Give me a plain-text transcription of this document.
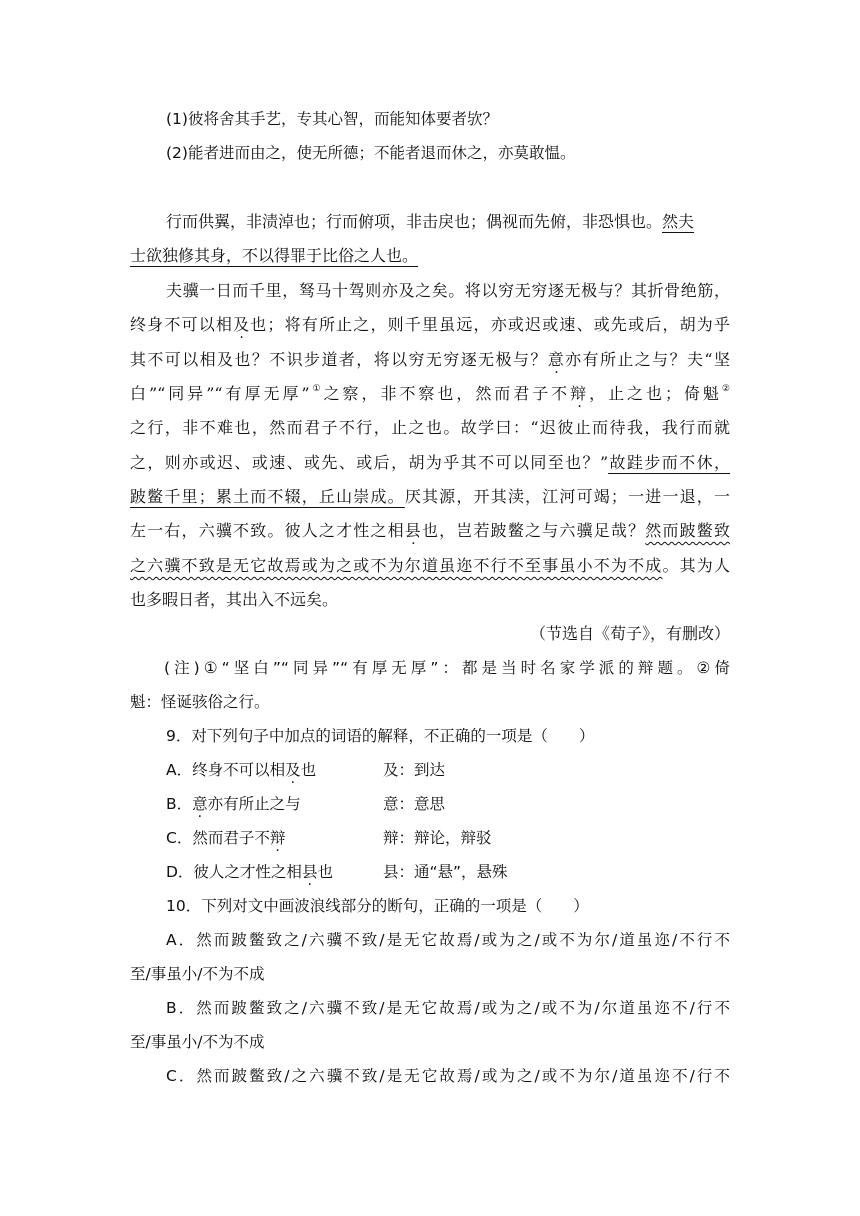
(1)彼将舍其手艺，专其心智，而能知体要者欤？
(2)能者进而由之，使无所德；不能者退而休之，亦莫敢愠。
行而供翼，非渍淖也；行而俯项，非击戾也；偶视而先俯，非恐惧也。然夫
士欲独修其身，不以得罪于比俗之人也。
夫骥一日而千里，驽马十驾则亦及之矣。将以穷无穷逐无极与？其折骨绝筋，
终身不可以相及也；将有所止之，则千里虽远，亦或迟或速、或先或后，胡为乎
其不可以相及也？不识步道者，将以穷无穷逐无极与？意亦有所止之与？夫“坚
白”“同异”“有厚无厚”①之察，非不察也，然而君子不辩，止之也；倚魁②
之行，非不难也，然而君子不行，止之也。故学曰：“迟彼止而待我，我行而就
之，则亦或迟、或速、或先、或后，胡为乎其不可以同至也？”故跬步而不休，
跛鳖千里；累土而不辍，丘山崇成。厌其源，开其渎，江河可竭；一进一退，一
左一右，六骥不致。彼人之才性之相县也，岂若跛鳖之与六骥足哉？然而跛鳖致
之六骥不致是无它故焉或为之或不为尔道虽迩不行不至事虽小不为不成。其为人
也多暇日者，其出入不远矣。
（节选自《荀子》，有删改）
(注)①“坚白”“同异”“有厚无厚”：都是当时名家学派的辩题。②倚
魁：怪诞骇俗之行。
9．对下列句子中加点的词语的解释，不正确的一项是（　　）
A．终身不可以相及也	及：到达
B．意亦有所止之与	意：意思
C．然而君子不辩	辩：辩论，辩驳
D．彼人之才性之相县也	县：通“悬”，悬殊
10．下列对文中画波浪线部分的断句，正确的一项是（　　）
A．然而跛鳖致之/六骥不致/是无它故焉/或为之/或不为尔/道虽迩/不行不
至/事虽小/不为不成
B．然而跛鳖致之/六骥不致/是无它故焉/或为之/或不为/尔道虽迩不/行不
至/事虽小/不为不成
C．然而跛鳖致/之六骥不致/是无它故焉/或为之/或不为尔/道虽迩不/行不
